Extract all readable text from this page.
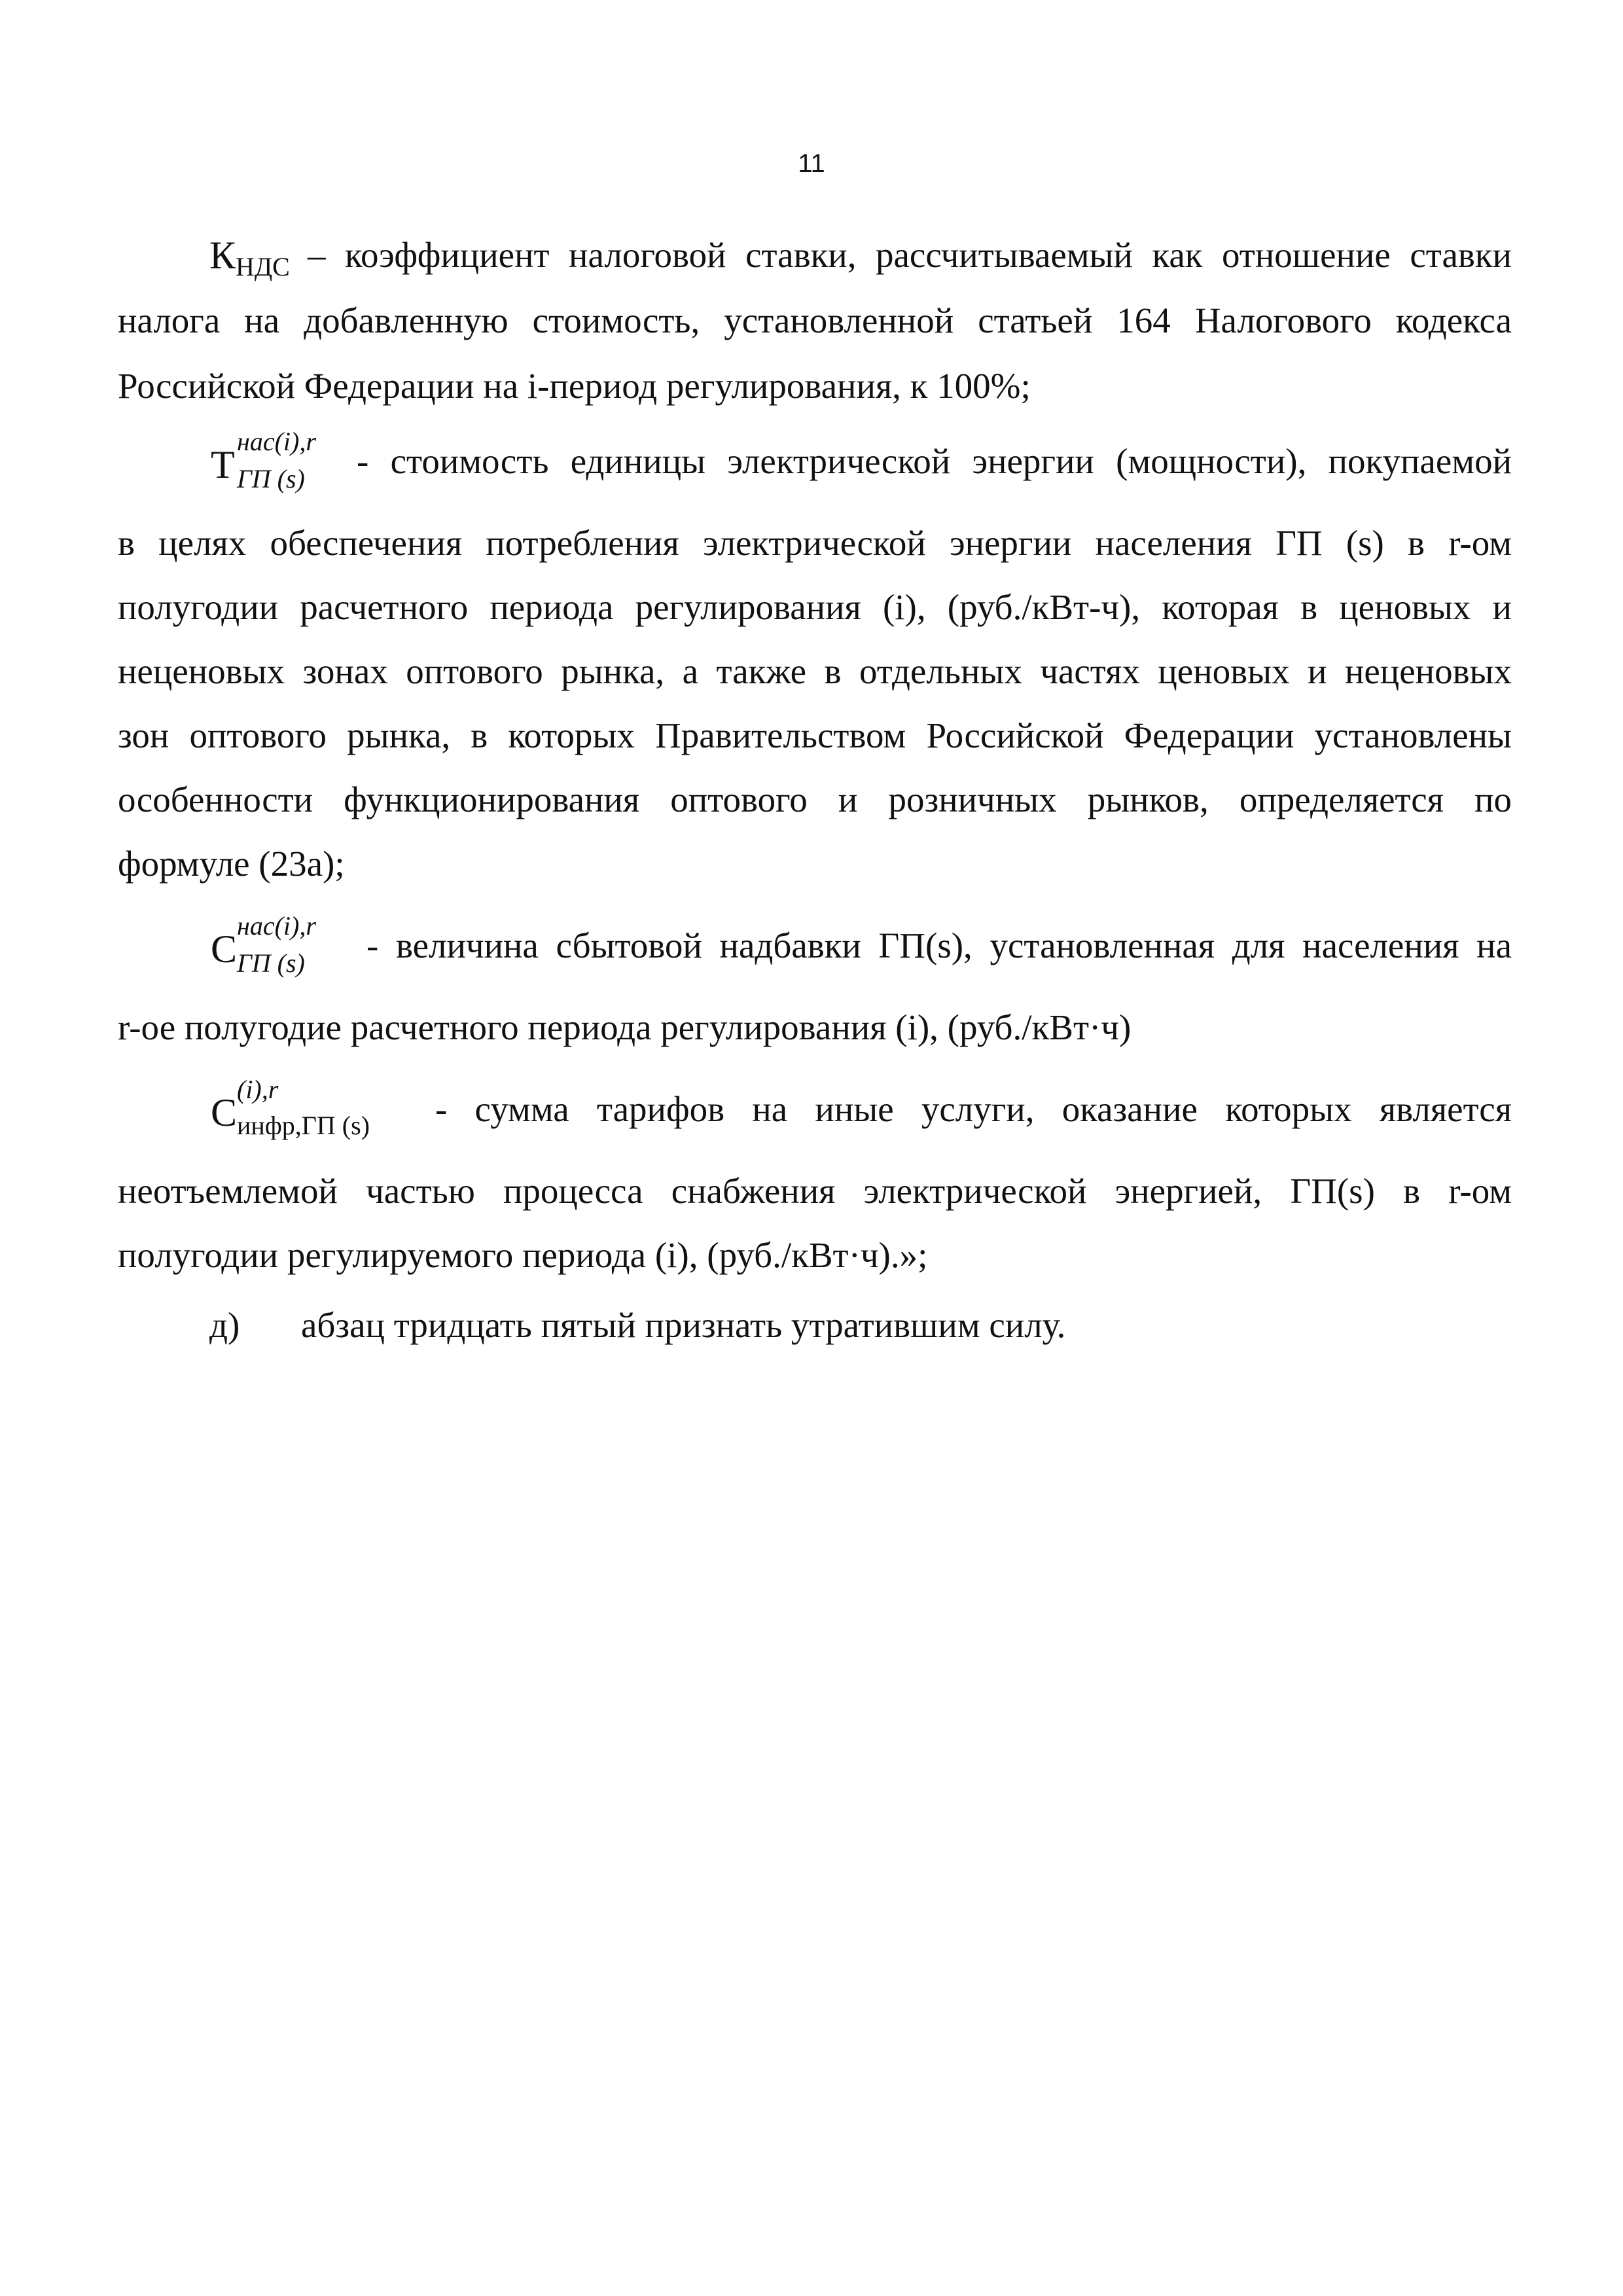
11
К НДС – коэффициент налоговой ставки, рассчитываемый как отношение ставки
налога на добавленную стоимость, установленной статьей 164 Налогового кодекса
Российской Федерации на i-период регулирования, к 100%;
Т
нас(i),r
ГП (s) - стоимость единицы электрической энергии (мощности), покупаемой
в целях обеспечения потребления электрической энергии населения ГП (s) в r-ом
полугодии расчетного периода регулирования (i), (руб./кВт-ч), которая в ценовых и
неценовых зонах оптового рынка, а также в отдельных частях ценовых и неценовых
зон оптового рынка, в которых Правительством Российской Федерации установлены
особенности функционирования оптового и розничных рынков, определяется по
формуле (23а);
С
нас(i),r
ГП (s) - величина сбытовой надбавки ГП(s), установленная для населения на
r-ое полугодие расчетного периода регулирования (i), (руб./кВт·ч)
С
(i),r
инфр,ГП (s) - сумма тарифов на иные услуги, оказание которых является
неотъемлемой частью процесса снабжения электрической энергией, ГП(s) в r-ом
полугодии регулируемого периода (i), (руб./кВт·ч).»;
д) абзац тридцать пятый признать утратившим силу.
